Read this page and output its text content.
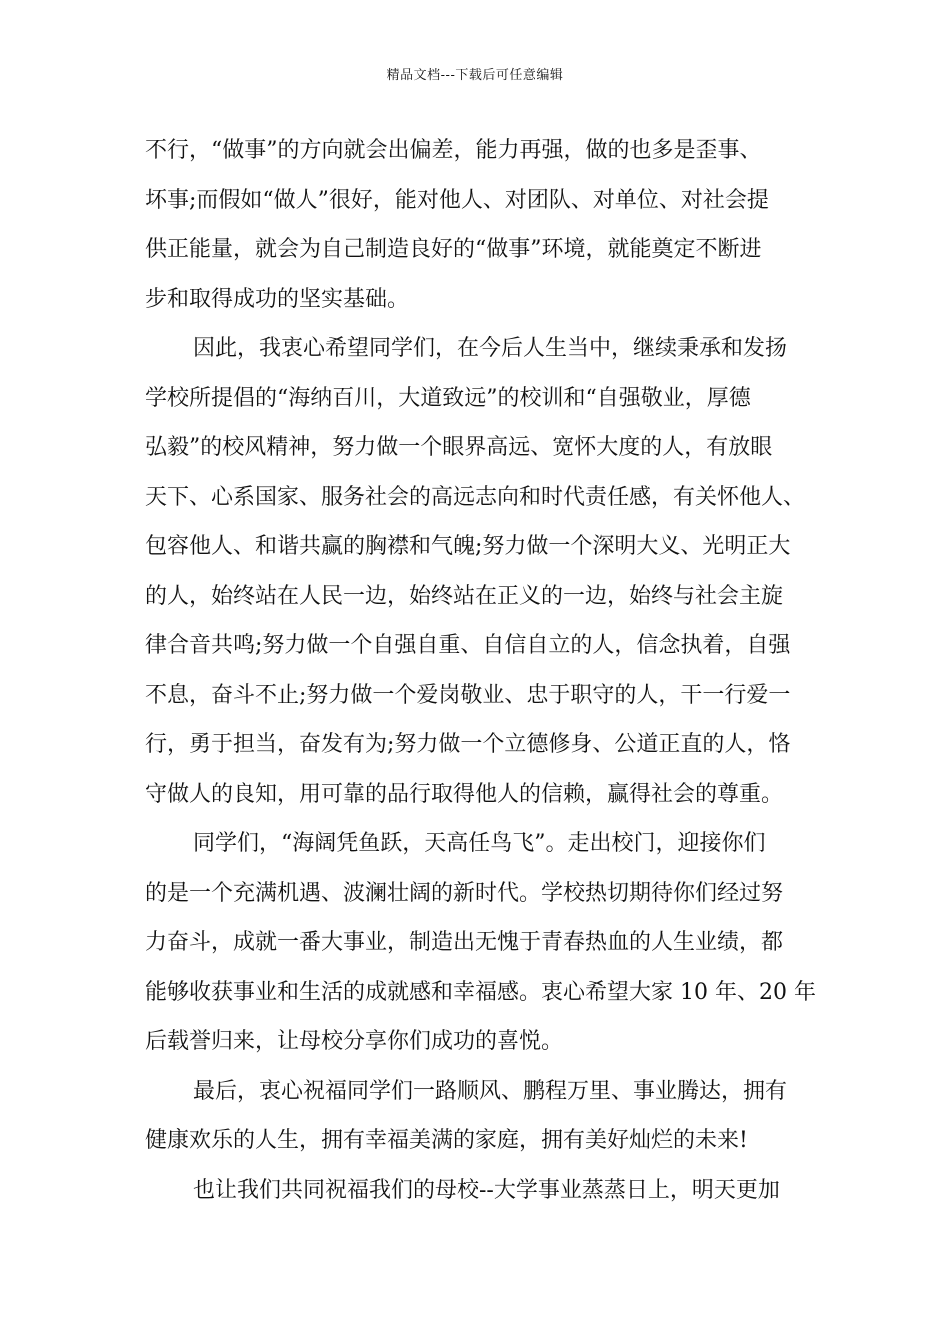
精品文档---下载后可任意编辑
不行，“做事”的方向就会出偏差，能力再强，做的也多是歪事、
坏事;而假如“做人”很好，能对他人、对团队、对单位、对社会提
供正能量，就会为自己制造良好的“做事”环境，就能奠定不断进
步和取得成功的坚实基础。
因此，我衷心希望同学们，在今后人生当中，继续秉承和发扬
学校所提倡的“海纳百川，大道致远”的校训和“自强敬业，厚德
弘毅”的校风精神，努力做一个眼界高远、宽怀大度的人，有放眼
天下、心系国家、服务社会的高远志向和时代责任感，有关怀他人、
包容他人、和谐共赢的胸襟和气魄;努力做一个深明大义、光明正大
的人，始终站在人民一边，始终站在正义的一边，始终与社会主旋
律合音共鸣;努力做一个自强自重、自信自立的人，信念执着，自强
不息，奋斗不止;努力做一个爱岗敬业、忠于职守的人，干一行爱一
行，勇于担当，奋发有为;努力做一个立德修身、公道正直的人，恪
守做人的良知，用可靠的品行取得他人的信赖，赢得社会的尊重。
同学们，“海阔凭鱼跃，天高任鸟飞”。走出校门，迎接你们
的是一个充满机遇、波澜壮阔的新时代。学校热切期待你们经过努
力奋斗，成就一番大事业，制造出无愧于青春热血的人生业绩，都
能够收获事业和生活的成就感和幸福感。衷心希望大家 10 年、20 年
后载誉归来，让母校分享你们成功的喜悦。
最后，衷心祝福同学们一路顺风、鹏程万里、事业腾达，拥有
健康欢乐的人生，拥有幸福美满的家庭，拥有美好灿烂的未来!
也让我们共同祝福我们的母校--大学事业蒸蒸日上，明天更加
